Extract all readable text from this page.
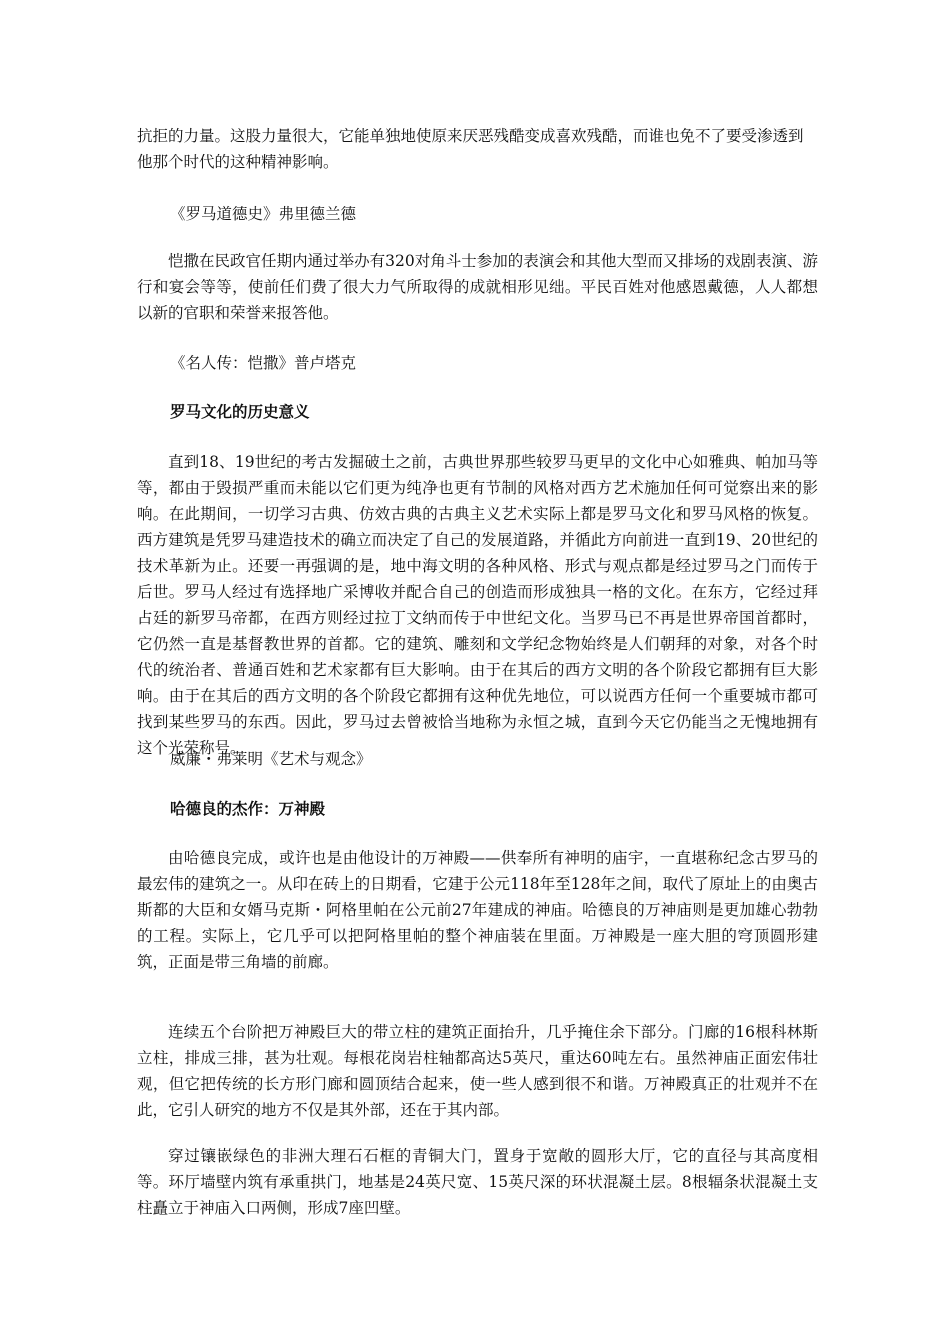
抗拒的力量。这股力量很大，它能单独地使原来厌恶残酷变成喜欢残酷，而谁也免不了要受渗透到他那个时代的这种精神影响。

《罗马道德史》弗里德兰德

恺撒在民政官任期内通过举办有320对角斗士参加的表演会和其他大型而又排场的戏剧表演、游行和宴会等等，使前任们费了很大力气所取得的成就相形见绌。平民百姓对他感恩戴德，人人都想以新的官职和荣誉来报答他。

《名人传：恺撒》普卢塔克

罗马文化的历史意义

直到18、19世纪的考古发掘破土之前，古典世界那些较罗马更早的文化中心如雅典、帕加马等等，都由于毁损严重而未能以它们更为纯净也更有节制的风格对西方艺术施加任何可觉察出来的影响。在此期间，一切学习古典、仿效古典的古典主义艺术实际上都是罗马文化和罗马风格的恢复。西方建筑是凭罗马建造技术的确立而决定了自己的发展道路，并循此方向前进一直到19、20世纪的技术革新为止。还要一再强调的是，地中海文明的各种风格、形式与观点都是经过罗马之门而传于后世。罗马人经过有选择地广采博收并配合自己的创造而形成独具一格的文化。在东方，它经过拜占廷的新罗马帝都，在西方则经过拉丁文纳而传于中世纪文化。当罗马已不再是世界帝国首都时，它仍然一直是基督教世界的首都。它的建筑、雕刻和文学纪念物始终是人们朝拜的对象，对各个时代的统治者、普通百姓和艺术家都有巨大影响。由于在其后的西方文明的各个阶段它都拥有巨大影响。由于在其后的西方文明的各个阶段它都拥有这种优先地位，可以说西方任何一个重要城市都可找到某些罗马的东西。因此，罗马过去曾被恰当地称为永恒之城，直到今天它仍能当之无愧地拥有这个光荣称号。

威廉・弗莱明《艺术与观念》

哈德良的杰作：万神殿

由哈德良完成，或许也是由他设计的万神殿——供奉所有神明的庙宇，一直堪称纪念古罗马的最宏伟的建筑之一。从印在砖上的日期看，它建于公元118年至128年之间，取代了原址上的由奥古斯都的大臣和女婿马克斯・阿格里帕在公元前27年建成的神庙。哈德良的万神庙则是更加雄心勃勃的工程。实际上，它几乎可以把阿格里帕的整个神庙装在里面。万神殿是一座大胆的穹顶圆形建筑，正面是带三角墙的前廊。

连续五个台阶把万神殿巨大的带立柱的建筑正面抬升，几乎掩住余下部分。门廊的16根科林斯立柱，排成三排，甚为壮观。每根花岗岩柱轴都高达5英尺，重达60吨左右。虽然神庙正面宏伟壮观，但它把传统的长方形门廊和圆顶结合起来，使一些人感到很不和谐。万神殿真正的壮观并不在此，它引人研究的地方不仅是其外部，还在于其内部。

穿过镶嵌绿色的非洲大理石石框的青铜大门，置身于宽敞的圆形大厅，它的直径与其高度相等。环厅墙壁内筑有承重拱门，地基是24英尺宽、15英尺深的环状混凝土层。8根辐条状混凝土支柱矗立于神庙入口两侧，形成7座凹壁。
